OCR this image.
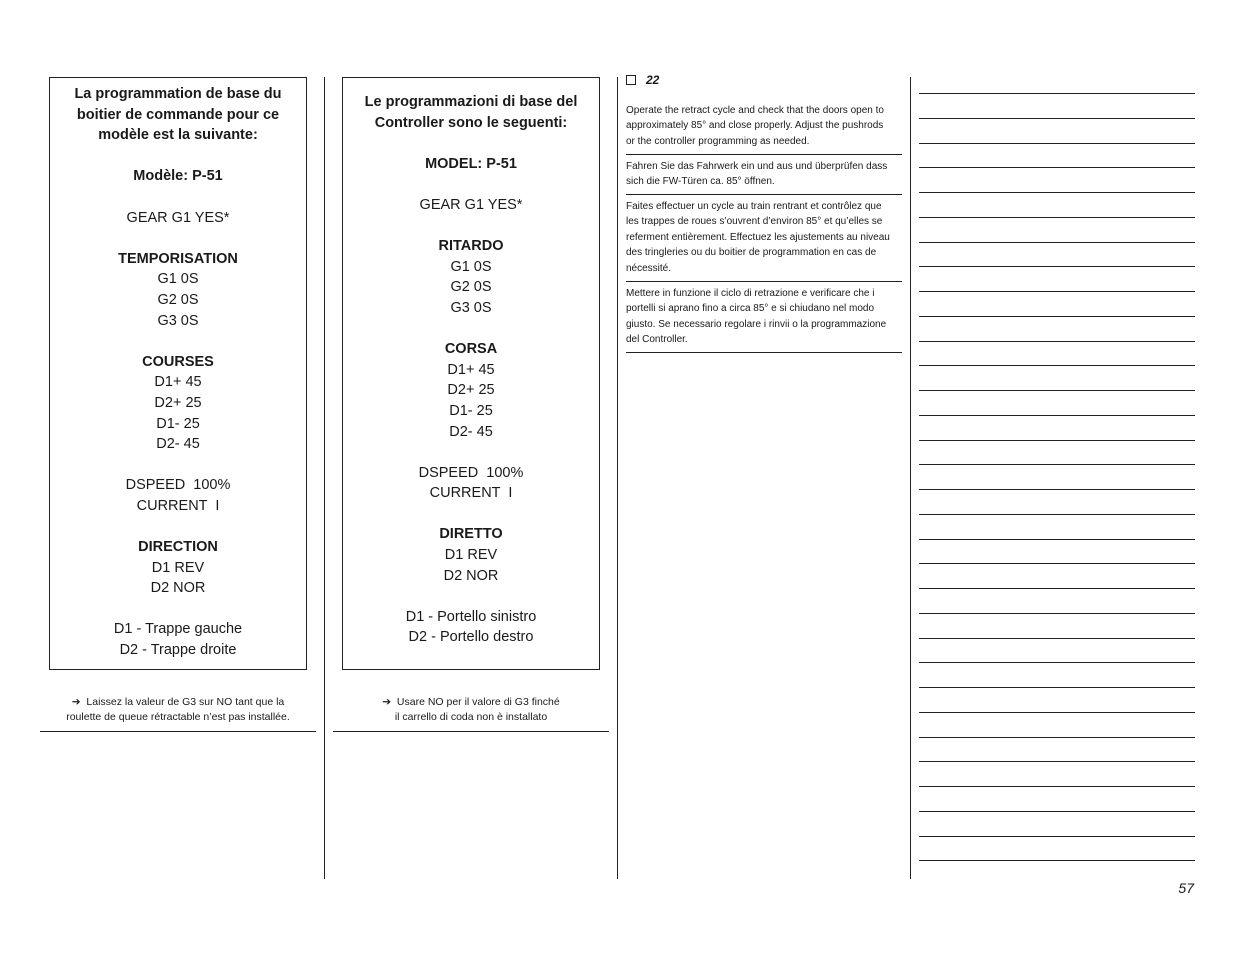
La programmation de base du

boitier de commande pour ce

modèle est la suivante:

Modèle: P-51

GEAR G1 YES*

TEMPORISATION

G1 0S

G2 0S

G3 0S

COURSES

D1+ 45

D2+ 25

D1- 25

D2- 45

DSPEED  100%

CURRENT  I

DIRECTION

D1 REV

D2 NOR

D1 - Trappe gauche

D2 - Trappe droite

➔ Laissez la valeur de G3 sur NO tant que la
roulette de queue rétractable n’est pas installée.

Le programmazioni di base del

Controller sono le seguenti:

MODEL: P-51

GEAR G1 YES*

RITARDO

G1 0S

G2 0S

G3 0S

CORSA

D1+ 45

D2+ 25

D1- 25

D2- 45

DSPEED  100%

CURRENT  I

DIRETTO

D1 REV

D2 NOR

D1 - Portello sinistro

D2 - Portello destro

➔ Usare NO per il valore di G3 finché
il carrello di coda non è installato
22
Operate the retract cycle and check that the doors open to
approximately 85° and close properly. Adjust the pushrods
or the controller programming as needed.
Fahren Sie das Fahrwerk ein und aus und überprüfen dass
sich die FW-Türen ca. 85° öffnen.
Faites effectuer un cycle au train rentrant et contrôlez que
les trappes de roues s’ouvrent d’environ 85° et qu’elles se
referment entièrement. Effectuez les ajustements au niveau
des tringleries ou du boitier de programmation en cas de
nécessité.
Mettere in funzione il ciclo di retrazione e verificare che i
portelli si aprano fino a circa 85° e si chiudano nel modo
giusto. Se necessario regolare i rinvii o la programmazione
del Controller.
57
